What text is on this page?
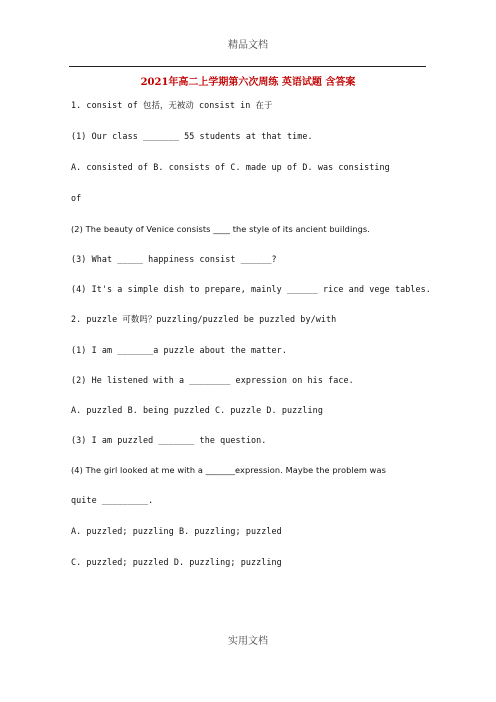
精品文档
2021年高二上学期第六次周练 英语试题 含答案
1. consist of 包括，无被动 consist in 在于
(1) Our class _______ 55 students at that time.
A. consisted of B. consists of C. made up of D. was consisting
of
(2) The beauty of Venice consists ____ the style of its ancient buildings.
(3) What _____ happiness consist ______?
(4) It's a simple dish to prepare, mainly ______ rice and vege tables.
2. puzzle 可数吗？puzzling/puzzled be puzzled by/with
(1) I am _______a puzzle about the matter.
(2) He listened with a ________ expression on his face.
A. puzzled B. being puzzled C. puzzle D. puzzling
(3) I am puzzled _______ the question.
(4) The girl looked at me with a _______expression. Maybe the problem was
quite _________.
A. puzzled; puzzling B. puzzling; puzzled
C. puzzled; puzzled D. puzzling; puzzling
实用文档
